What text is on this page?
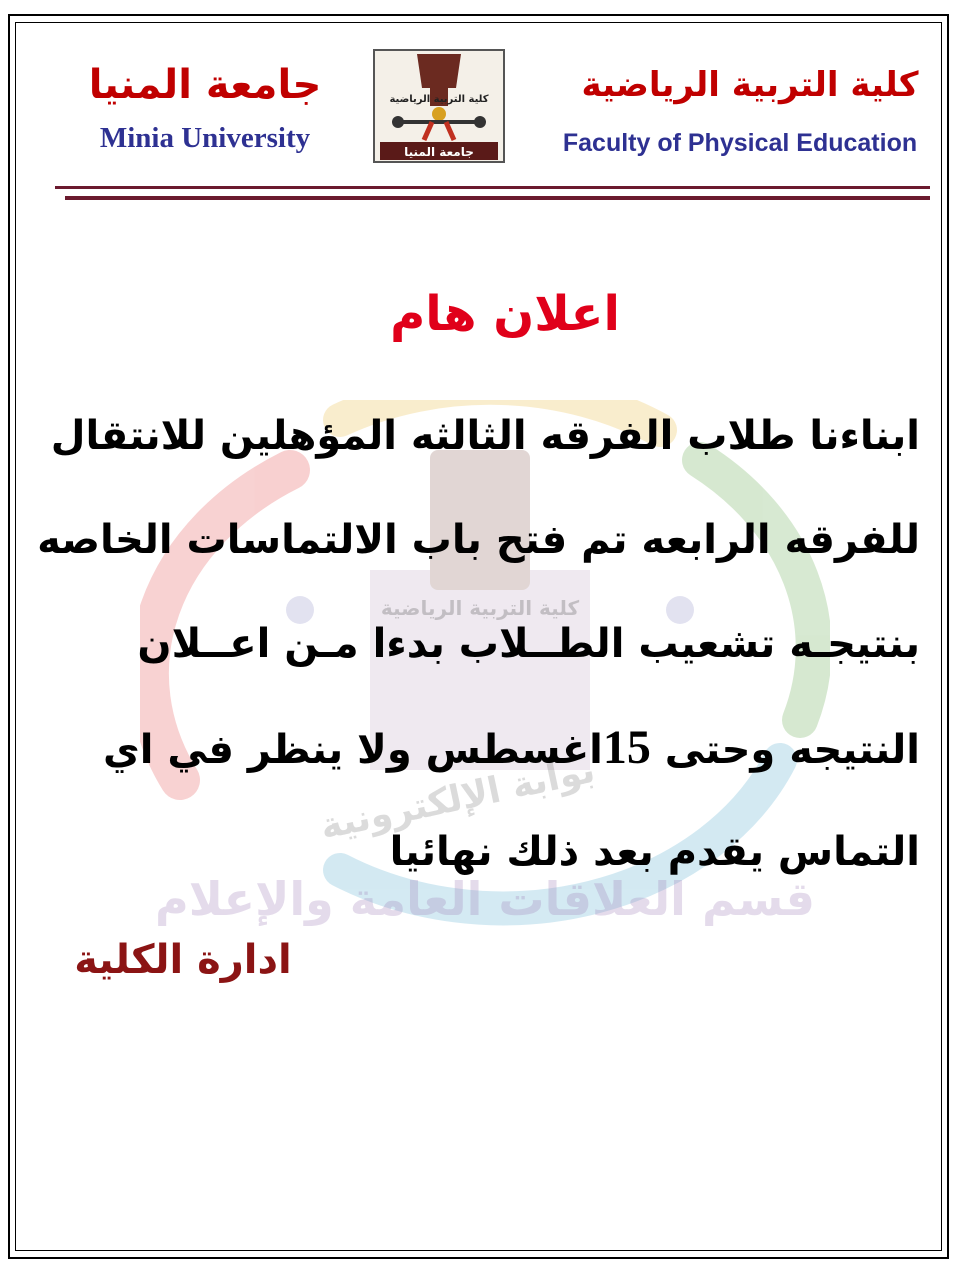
قسم العلاقات العامة والإعلام
بوابة الإلكترونية
كلية التربية الرياضية
جامعة المنيا
Minia University
كلية التربية الرياضية
جامعة المنيا
كلية التربية الرياضية
Faculty of Physical Education
اعلان هام
ابناءنا طلاب الفرقه الثالثه المؤهلين للانتقال
للفرقه الرابعه تم فتح باب الالتماسات الخاصه
بنتيجـه تشعيب الطــلاب بدءا مـن اعــلان
النتيجه وحتى 15اغسطس ولا ينظر في اي
التماس يقدم بعد ذلك نهائيا
ادارة الكلية
